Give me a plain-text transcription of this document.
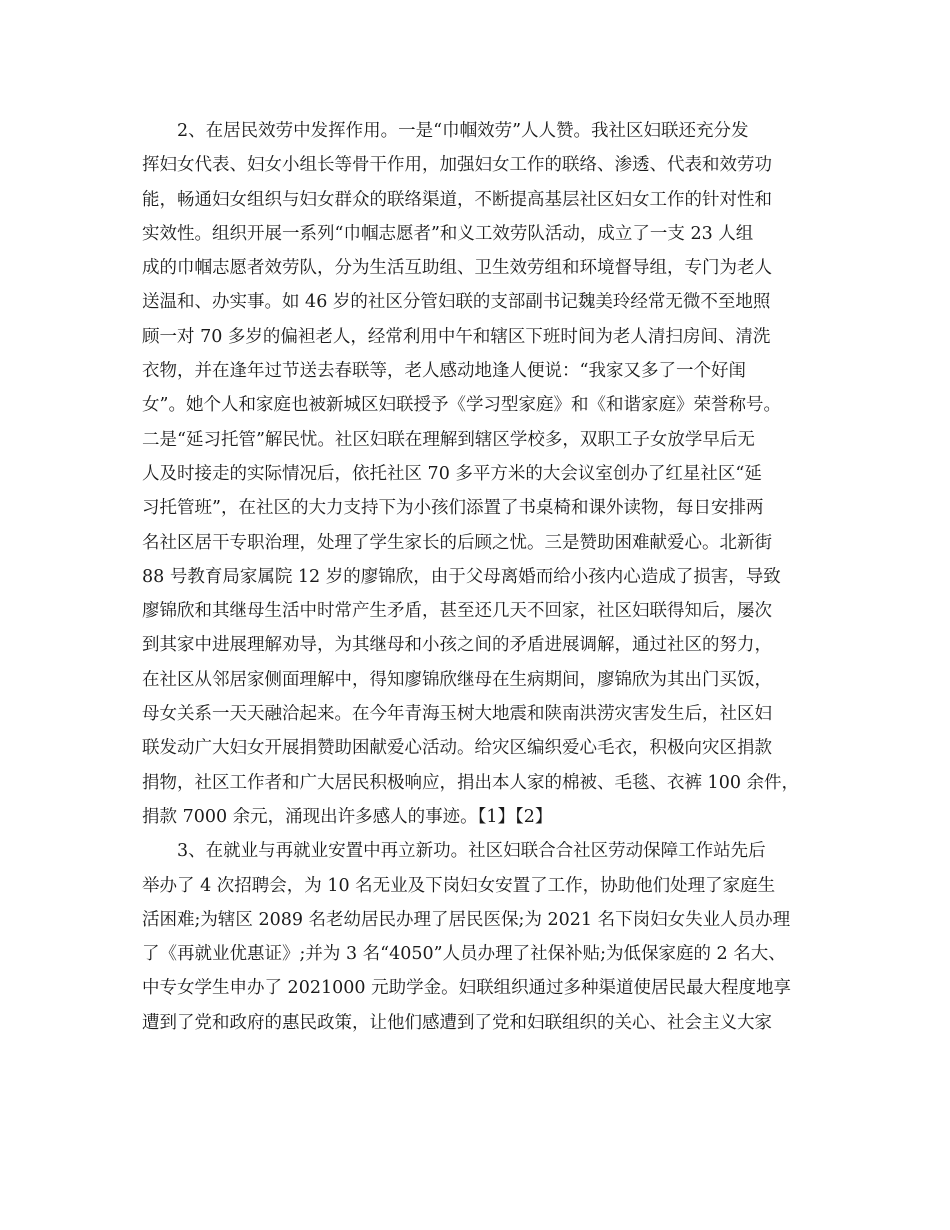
2、在居民效劳中发挥作用。一是“巾帼效劳”人人赞。我社区妇联还充分发
挥妇女代表、妇女小组长等骨干作用，加强妇女工作的联络、渗透、代表和效劳功
能，畅通妇女组织与妇女群众的联络渠道，不断提高基层社区妇女工作的针对性和
实效性。组织开展一系列“巾帼志愿者”和义工效劳队活动，成立了一支 23 人组
成的巾帼志愿者效劳队，分为生活互助组、卫生效劳组和环境督导组，专门为老人
送温和、办实事。如 46 岁的社区分管妇联的支部副书记魏美玲经常无微不至地照
顾一对 70 多岁的偏袒老人，经常利用中午和辖区下班时间为老人清扫房间、清洗
衣物，并在逢年过节送去春联等，老人感动地逢人便说：“我家又多了一个好闺
女”。她个人和家庭也被新城区妇联授予《学习型家庭》和《和谐家庭》荣誉称号。
二是“延习托管”解民忧。社区妇联在理解到辖区学校多，双职工子女放学早后无
人及时接走的实际情况后，依托社区 70 多平方米的大会议室创办了红星社区“延
习托管班”，在社区的大力支持下为小孩们添置了书桌椅和课外读物，每日安排两
名社区居干专职治理，处理了学生家长的后顾之忧。三是赞助困难献爱心。北新街
88 号教育局家属院 12 岁的廖锦欣，由于父母离婚而给小孩内心造成了损害，导致
廖锦欣和其继母生活中时常产生矛盾，甚至还几天不回家，社区妇联得知后，屡次
到其家中进展理解劝导，为其继母和小孩之间的矛盾进展调解，通过社区的努力，
在社区从邻居家侧面理解中，得知廖锦欣继母在生病期间，廖锦欣为其出门买饭，
母女关系一天天融洽起来。在今年青海玉树大地震和陕南洪涝灾害发生后，社区妇
联发动广大妇女开展捐赞助困献爱心活动。给灾区编织爱心毛衣，积极向灾区捐款
捐物，社区工作者和广大居民积极响应，捐出本人家的棉被、毛毯、衣裤 100 余件，
捐款 7000 余元，涌现出许多感人的事迹。【1】【2】
3、在就业与再就业安置中再立新功。社区妇联合合社区劳动保障工作站先后
举办了 4 次招聘会，为 10 名无业及下岗妇女安置了工作，协助他们处理了家庭生
活困难;为辖区 2089 名老幼居民办理了居民医保;为 2021 名下岗妇女失业人员办理
了《再就业优惠证》;并为 3 名“4050”人员办理了社保补贴;为低保家庭的 2 名大、
中专女学生申办了 2021000 元助学金。妇联组织通过多种渠道使居民最大程度地享
遭到了党和政府的惠民政策，让他们感遭到了党和妇联组织的关心、社会主义大家
